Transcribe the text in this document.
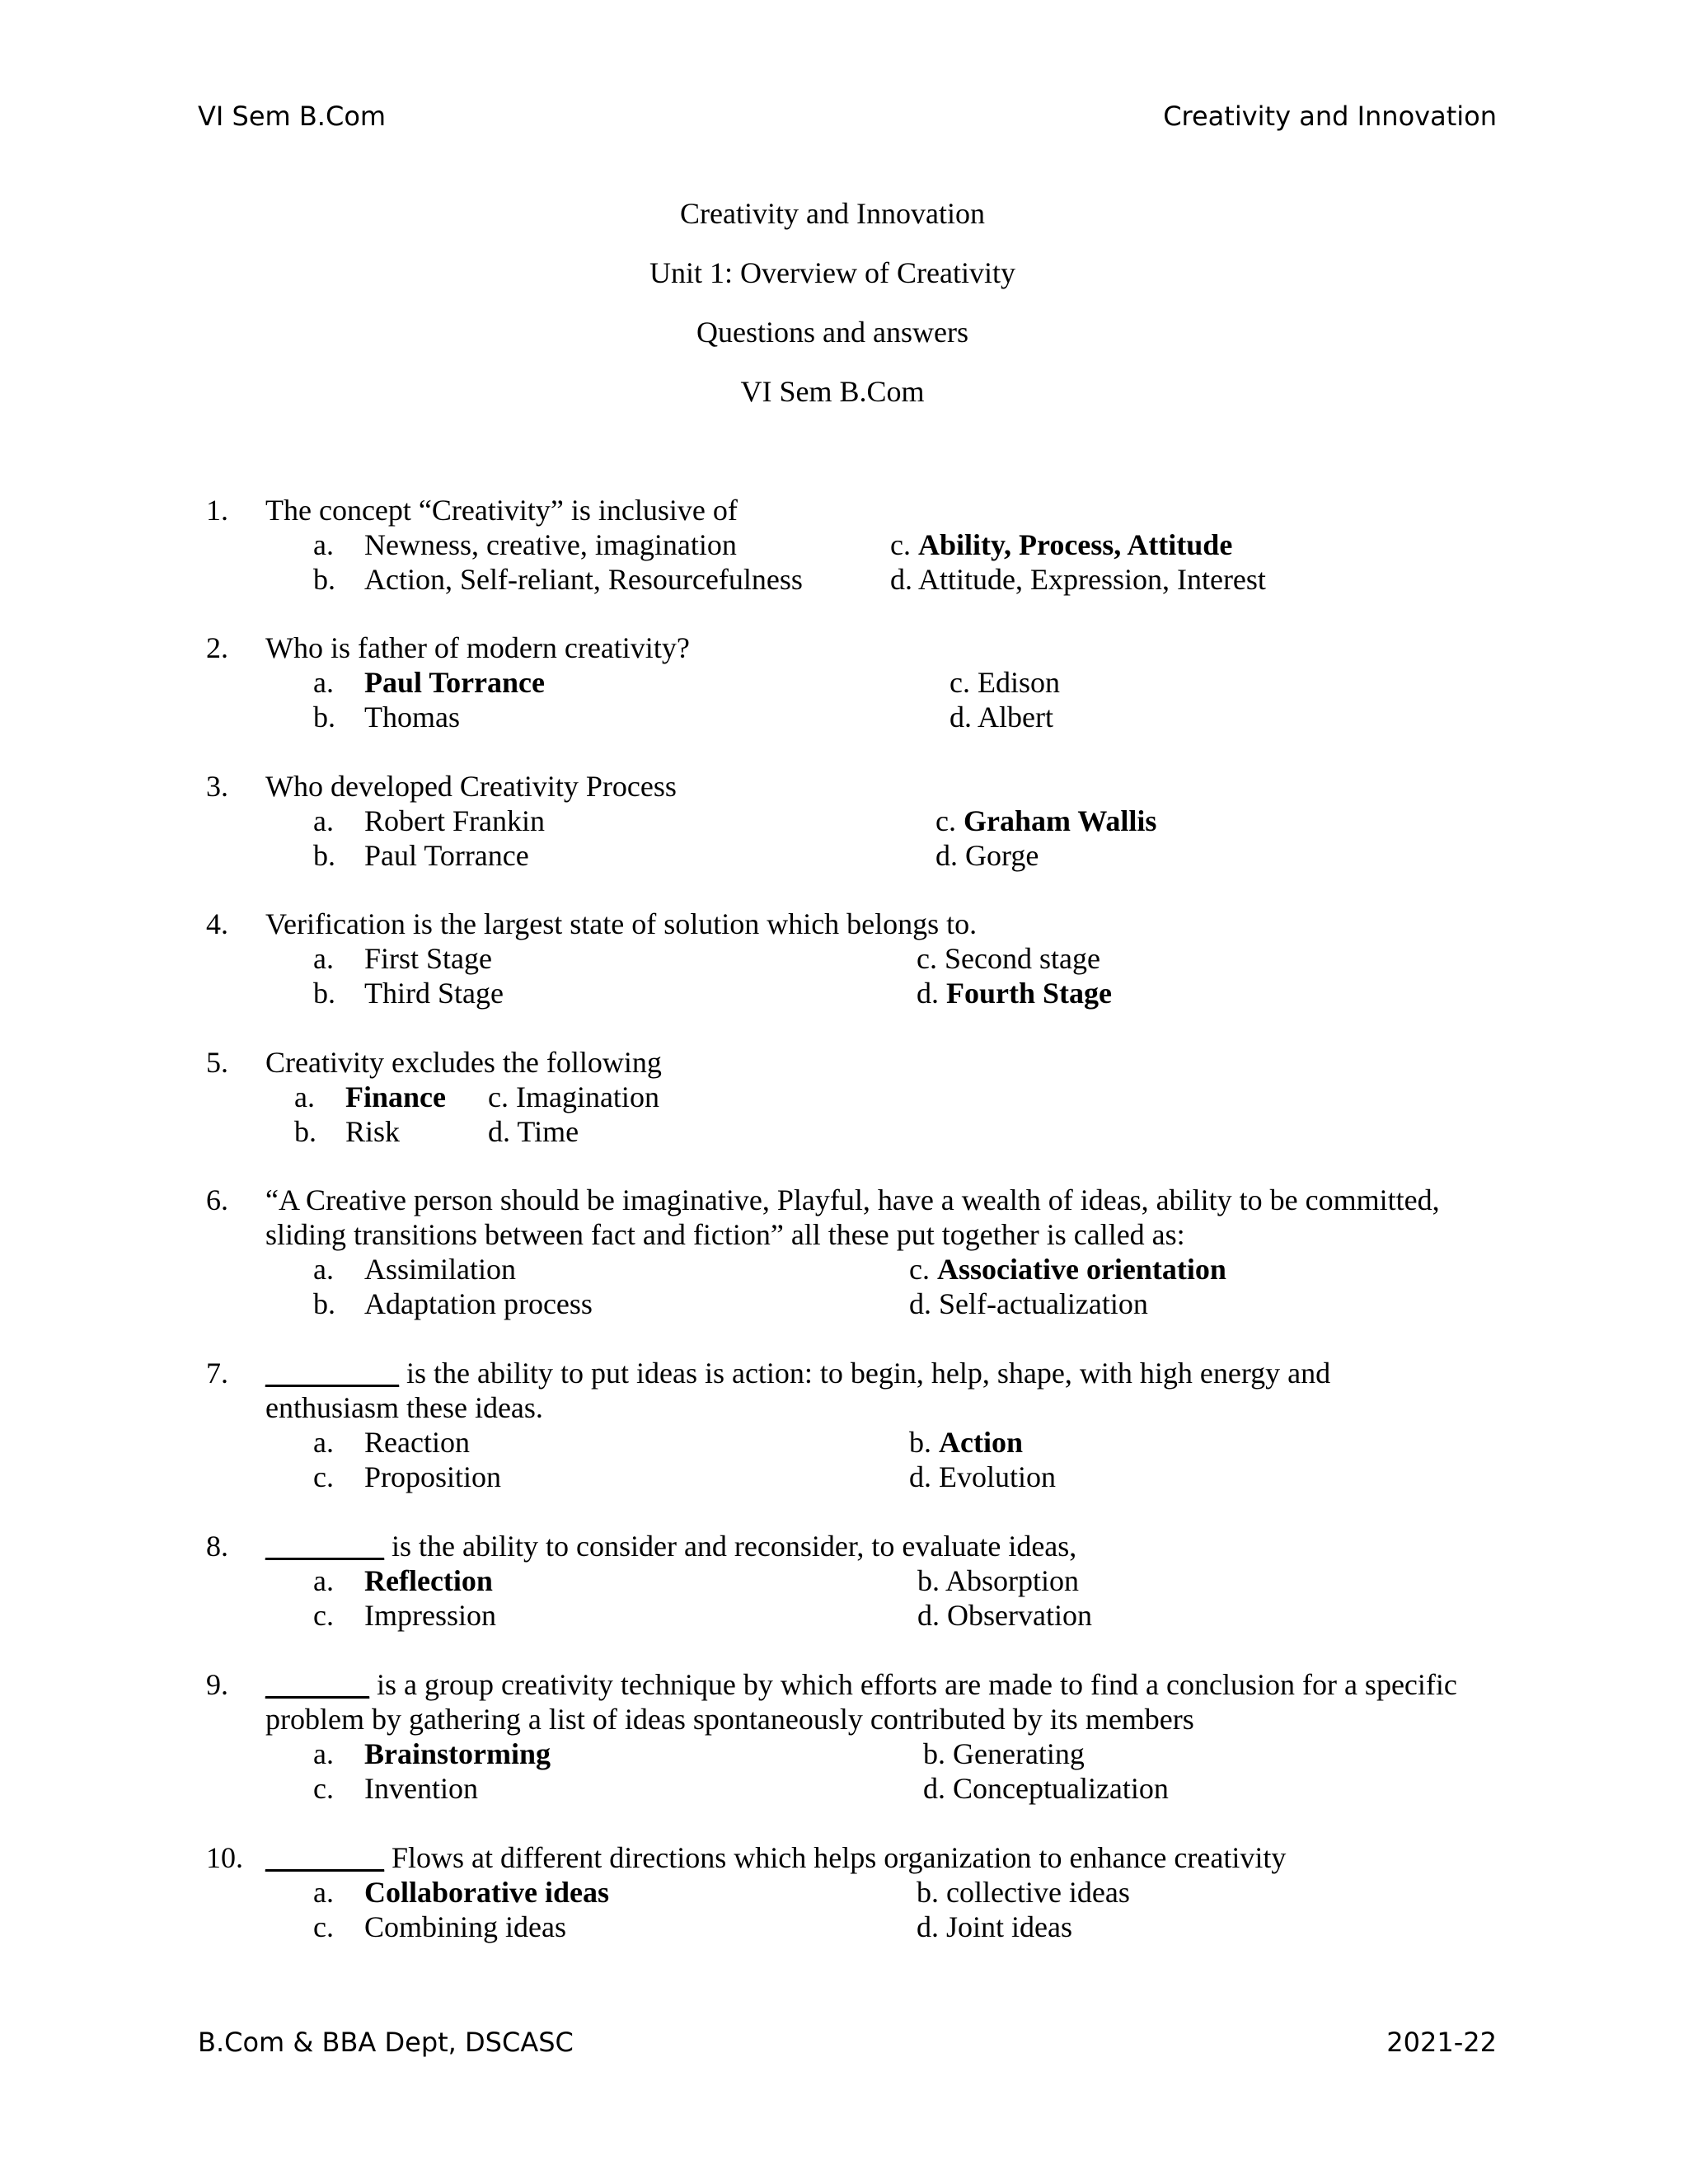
VI Sem B.Com	Creativity and Innovation
Creativity and Innovation
Unit 1: Overview of Creativity
Questions and answers
VI Sem B.Com
1. The concept “Creativity” is inclusive of
a. Newness, creative, imagination	c. Ability, Process, Attitude
b. Action, Self-reliant, Resourcefulness	d. Attitude, Expression, Interest
2. Who is father of modern creativity?
a. Paul Torrance	c. Edison
b. Thomas	d. Albert
3. Who developed Creativity Process
a. Robert Frankin	c. Graham Wallis
b. Paul Torrance	d. Gorge
4. Verification is the largest state of solution which belongs to.
a. First Stage	c. Second stage
b. Third Stage	d. Fourth Stage
5. Creativity excludes the following
a. Finance c. Imagination
b. Risk	d. Time
6. “A Creative person should be imaginative, Playful, have a wealth of ideas, ability to be committed,
sliding transitions between fact and fiction” all these put together is called as:
a. Assimilation	c. Associative orientation
b. Adaptation process	d. Self-actualization
7. _________ is the ability to put ideas is action: to begin, help, shape, with high energy and
enthusiasm these ideas.
a. Reaction	b. Action
c. Proposition	d. Evolution
8. ________ is the ability to consider and reconsider, to evaluate ideas,
a. Reflection	b. Absorption
c. Impression	d. Observation
9. _______ is a group creativity technique by which efforts are made to find a conclusion for a specific
problem by gathering a list of ideas spontaneously contributed by its members
a. Brainstorming	b. Generating
c. Invention	d. Conceptualization
10. ________ Flows at different directions which helps organization to enhance creativity
a. Collaborative ideas	b. collective ideas
c. Combining ideas	d. Joint ideas
B.Com & BBA Dept, DSCASC	2021-22
